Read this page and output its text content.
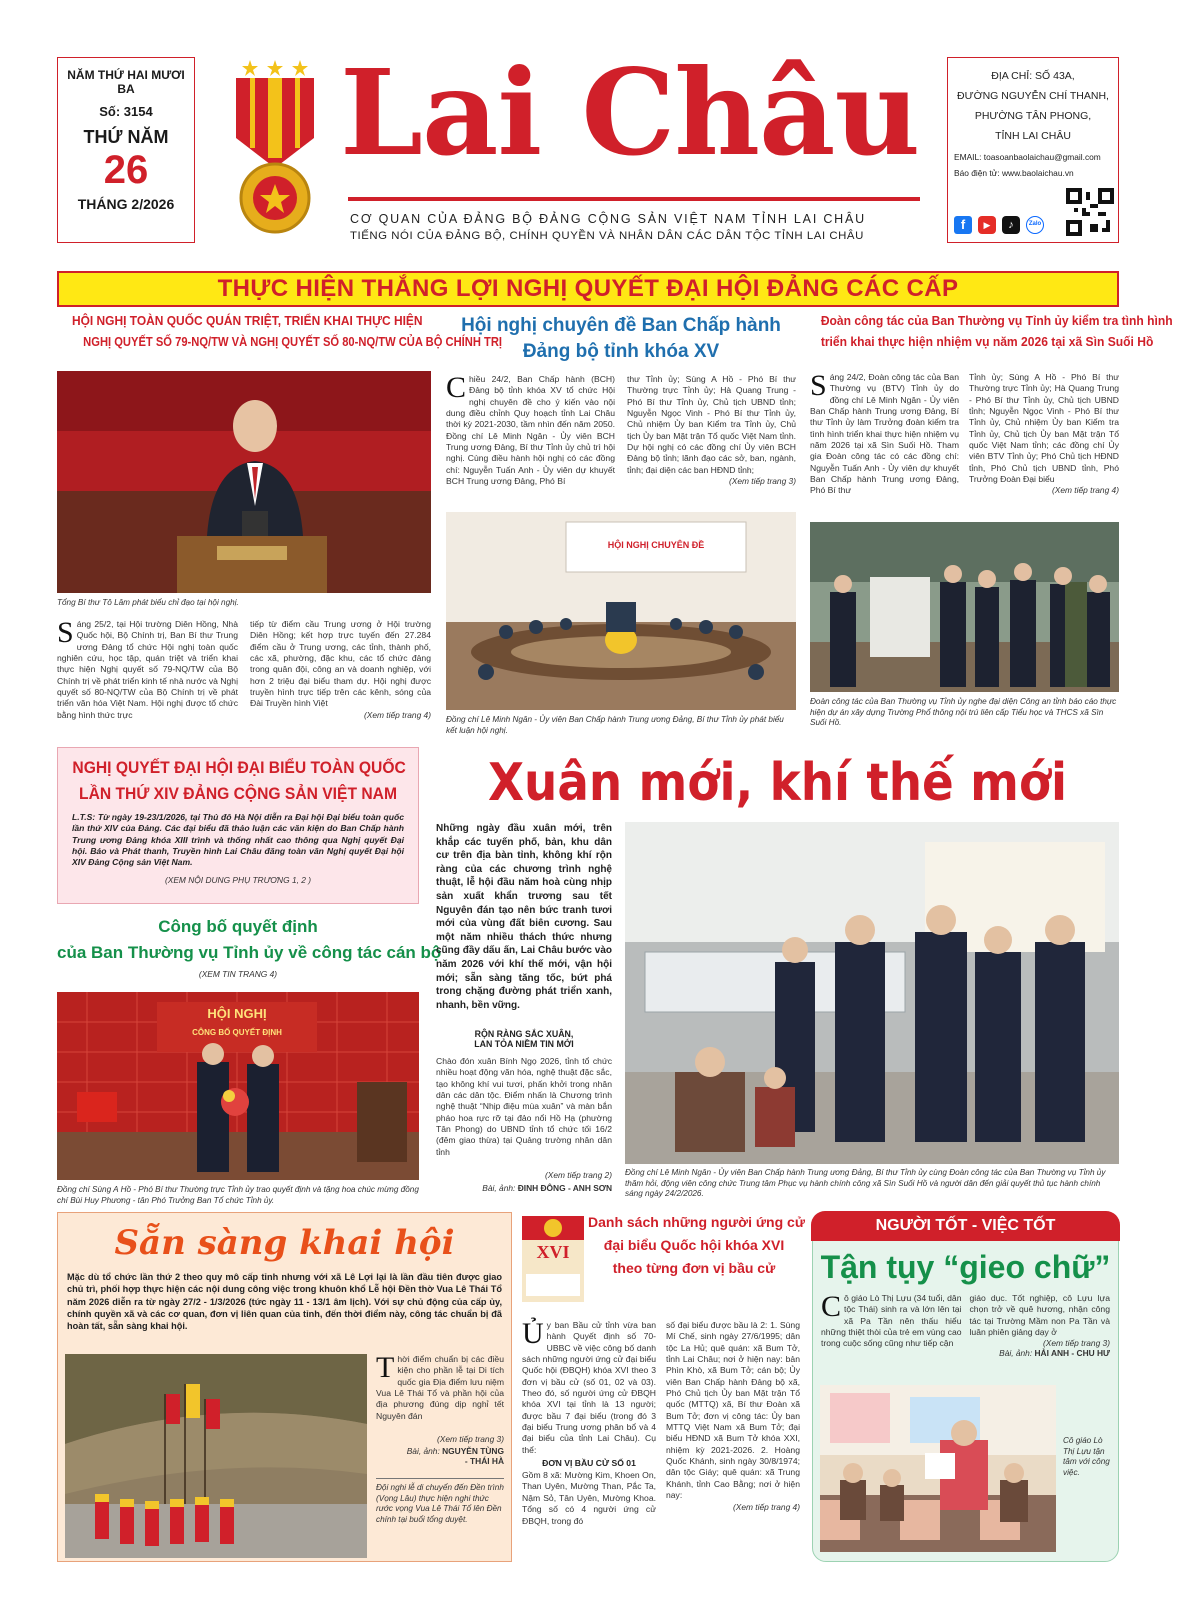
NĂM THỨ HAI MƯƠI BA
Số: 3154
THỨ NĂM
26
THÁNG 2/2026
Lai Châu
CƠ QUAN CỦA ĐẢNG BỘ ĐẢNG CỘNG SẢN VIỆT NAM TỈNH LAI CHÂU
TIẾNG NÓI CỦA ĐẢNG BỘ, CHÍNH QUYỀN VÀ NHÂN DÂN CÁC DÂN TỘC TỈNH LAI CHÂU
ĐỊA CHỈ: SỐ 43A,
ĐƯỜNG NGUYỄN CHÍ THANH,
PHƯỜNG TÂN PHONG,
TỈNH LAI CHÂU
EMAIL: toasoanbaolaichau@gmail.com
Báo điện tử: www.baolaichau.vn
f	▶	♪	Zalo
THỰC HIỆN THẮNG LỢI NGHỊ QUYẾT ĐẠI HỘI ĐẢNG CÁC CẤP
HỘI NGHỊ TOÀN QUỐC QUÁN TRIỆT, TRIỂN KHAI THỰC HIỆN
NGHỊ QUYẾT SỐ 79-NQ/TW VÀ NGHỊ QUYẾT SỐ 80-NQ/TW CỦA BỘ CHÍNH TRỊ
Tổng Bí thư Tô Lâm phát biểu chỉ đạo tại hội nghị.
Sáng 25/2, tại Hội trường Diên Hồng, Nhà Quốc hội, Bộ Chính trị, Ban Bí thư Trung ương Đảng tổ chức Hội nghị toàn quốc nghiên cứu, học tập, quán triệt và triển khai thực hiện Nghị quyết số 79-NQ/TW của Bộ Chính trị về phát triển kinh tế nhà nước và Nghị quyết số 80-NQ/TW của Bộ Chính trị về phát triển văn hóa Việt Nam. Hội nghị được tổ chức bằng hình thức trực
tiếp từ điểm cầu Trung ương ở Hội trường Diên Hồng; kết hợp trực tuyến đến 27.284 điểm cầu ở Trung ương, các tỉnh, thành phố, các xã, phường, đặc khu, các tổ chức đảng trong quân đội, công an và doanh nghiệp, với hơn 2 triệu đại biểu tham dự. Hội nghị được truyền hình trực tiếp trên các kênh, sóng của Đài Truyền hình Việt
(Xem tiếp trang 4)
Hội nghị chuyên đề Ban Chấp hành
Đảng bộ tỉnh khóa XV
Chiều 24/2, Ban Chấp hành (BCH) Đảng bộ tỉnh khóa XV tổ chức Hội nghị chuyên đề cho ý kiến vào nội dung điều chỉnh Quy hoạch tỉnh Lai Châu thời kỳ 2021-2030, tầm nhìn đến năm 2050. Đồng chí Lê Minh Ngân - Ủy viên BCH Trung ương Đảng, Bí thư Tỉnh ủy chủ trì hội nghị. Cùng điều hành hội nghị có các đồng chí: Nguyễn Tuấn Anh - Ủy viên dự khuyết BCH Trung ương Đảng, Phó Bí
thư Tỉnh ủy; Sùng A Hồ - Phó Bí thư Thường trực Tỉnh ủy; Hà Quang Trung - Phó Bí thư Tỉnh ủy, Chủ tịch UBND tỉnh; Nguyễn Ngọc Vinh - Phó Bí thư Tỉnh ủy, Chủ nhiệm Ủy ban Kiểm tra Tỉnh ủy, Chủ tịch Ủy ban Mặt trận Tổ quốc Việt Nam tỉnh. Dự hội nghị có các đồng chí Ủy viên BCH Đảng bộ tỉnh; lãnh đạo các sở, ban, ngành, tỉnh; đại diện các ban HĐND tỉnh;
(Xem tiếp trang 3)
HỘI NGHỊ CHUYÊN ĐỀ
Đồng chí Lê Minh Ngân - Ủy viên Ban Chấp hành Trung ương Đảng, Bí thư Tỉnh ủy phát biểu kết luận hội nghị.
Đoàn công tác của Ban Thường vụ Tỉnh ủy kiểm tra tình hình
triển khai thực hiện nhiệm vụ năm 2026 tại xã Sìn Suối Hồ
Sáng 24/2, Đoàn công tác của Ban Thường vụ (BTV) Tỉnh ủy do đồng chí Lê Minh Ngân - Ủy viên Ban Chấp hành Trung ương Đảng, Bí thư Tỉnh ủy làm Trưởng đoàn kiểm tra tình hình triển khai thực hiện nhiệm vụ năm 2026 tại xã Sìn Suối Hồ. Tham gia Đoàn công tác có các đồng chí: Nguyễn Tuấn Anh - Ủy viên dự khuyết Ban Chấp hành Trung ương Đảng, Phó Bí thư
Tỉnh ủy; Sùng A Hồ - Phó Bí thư Thường trực Tỉnh ủy; Hà Quang Trung - Phó Bí thư Tỉnh ủy, Chủ tịch UBND tỉnh; Nguyễn Ngọc Vinh - Phó Bí thư Tỉnh ủy, Chủ nhiệm Ủy ban Kiểm tra Tỉnh ủy, Chủ tịch Ủy ban Mặt trận Tổ quốc Việt Nam tỉnh; các đồng chí Ủy viên BTV Tỉnh ủy; Phó Chủ tịch HĐND tỉnh, Phó Chủ tịch UBND tỉnh, Phó Trưởng Đoàn Đại biểu
(Xem tiếp trang 4)
Đoàn công tác của Ban Thường vụ Tỉnh ủy nghe đại diện Công an tỉnh báo cáo thực hiện dự án xây dựng Trường Phổ thông nội trú liên cấp Tiểu học và THCS xã Sìn Suối Hồ.
NGHỊ QUYẾT ĐẠI HỘI ĐẠI BIỂU TOÀN QUỐC
LẦN THỨ XIV ĐẢNG CỘNG SẢN VIỆT NAM
L.T.S: Từ ngày 19-23/1/2026, tại Thủ đô Hà Nội diễn ra Đại hội Đại biểu toàn quốc lần thứ XIV của Đảng. Các đại biểu đã thảo luận các văn kiện do Ban Chấp hành Trung ương Đảng khóa XIII trình và thống nhất cao thông qua Nghị quyết Đại hội. Báo và Phát thanh, Truyền hình Lai Châu đăng toàn văn Nghị quyết Đại hội XIV Đảng Cộng sản Việt Nam.
(XEM NỘI DUNG PHỤ TRƯƠNG 1, 2 )
Công bố quyết định
của Ban Thường vụ Tỉnh ủy về công tác cán bộ
(XEM TIN TRANG 4)
HỘI NGHỊ
CÔNG BỐ QUYẾT ĐỊNH
Đồng chí Sùng A Hồ - Phó Bí thư Thường trực Tỉnh ủy trao quyết định và tặng hoa chúc mừng đồng chí Bùi Huy Phương - tân Phó Trưởng Ban Tổ chức Tỉnh ủy.
Xuân mới, khí thế mới
Những ngày đầu xuân mới, trên khắp các tuyến phố, bản, khu dân cư trên địa bàn tỉnh, không khí rộn ràng của các chương trình nghệ thuật, lễ hội đầu năm hoà cùng nhịp sản xuất khẩn trương sau tết Nguyên đán tạo nên bức tranh tươi mới của vùng đất biên cương. Sau một năm nhiều thách thức nhưng cũng đầy dấu ấn, Lai Châu bước vào năm 2026 với khí thế mới, vận hội mới; sẵn sàng tăng tốc, bứt phá trong chặng đường phát triển xanh, nhanh, bền vững.
RỘN RÀNG SẮC XUÂN,
LAN TỎA NIỀM TIN MỚI
Chào đón xuân Bính Ngọ 2026, tỉnh tổ chức nhiều hoạt động văn hóa, nghệ thuật đặc sắc, tạo không khí vui tươi, phấn khởi trong nhân dân các dân tộc. Điểm nhấn là Chương trình nghệ thuật “Nhịp điệu mùa xuân” và màn bắn pháo hoa rực rỡ tại đảo nổi Hồ Hạ (phường Tân Phong) do UBND tỉnh tổ chức tối 16/2 (đêm giao thừa) tại Quảng trường nhân dân tỉnh
(Xem tiếp trang 2)
Bài, ảnh: ĐINH ĐÔNG - ANH SƠN
Đồng chí Lê Minh Ngân - Ủy viên Ban Chấp hành Trung ương Đảng, Bí thư Tỉnh ủy cùng Đoàn công tác của Ban Thường vụ Tỉnh ủy thăm hỏi, động viên công chức Trung tâm Phục vụ hành chính công xã Sìn Suối Hồ và người dân đến giải quyết thủ tục hành chính sáng ngày 24/2/2026.
Sẵn sàng khai hội
Mặc dù tổ chức lần thứ 2 theo quy mô cấp tỉnh nhưng với xã Lê Lợi lại là lần đầu tiên được giao chủ trì, phối hợp thực hiện các nội dung công việc trong khuôn khổ Lễ hội Đền thờ Vua Lê Thái Tổ năm 2026 diễn ra từ ngày 27/2 - 1/3/2026 (tức ngày 11 - 13/1 âm lịch). Với sự chủ động của cấp ủy, chính quyền xã và các cơ quan, đơn vị liên quan của tỉnh, đến thời điểm này, công tác chuẩn bị đã hoàn tất, sẵn sàng khai hội.
Thời điểm chuẩn bị các điều kiện cho phần lễ tại Di tích quốc gia Địa điểm lưu niệm Vua Lê Thái Tổ và phần hội của địa phương đúng dịp nghỉ tết Nguyên đán
(Xem tiếp trang 3)
Bài, ảnh: NGUYỄN TÙNG
- THÁI HÀ
Đội nghi lễ di chuyển đến Đền trình (Vọng Lâu) thực hiện nghi thức rước vọng Vua Lê Thái Tổ lên Đền chính tại buổi tổng duyệt.
XVI
Danh sách những người ứng cử
đại biểu Quốc hội khóa XVI
theo từng đơn vị bầu cử
Ủy ban Bầu cử tỉnh vừa ban hành Quyết định số 70-UBBC về việc công bố danh sách những người ứng cử đại biểu Quốc hội (ĐBQH) khóa XVI theo 3 đơn vị bầu cử (số 01, 02 và 03). Theo đó, số người ứng cử ĐBQH khóa XVI tại tỉnh là 13 người; được bầu 7 đại biểu (trong đó 3 đại biểu Trung ương phân bổ và 4 đại biểu của tỉnh Lai Châu). Cụ thể:
ĐƠN VỊ BẦU CỬ SỐ 01
Gồm 8 xã: Mường Kim, Khoen On, Than Uyên, Mường Than, Pắc Ta, Nậm Sỏ, Tân Uyên, Mường Khoa. Tổng số có 4 người ứng cử ĐBQH, trong đó
số đại biểu được bầu là 2: 1. Sùng Mí Chế, sinh ngày 27/6/1995; dân tộc La Hủ; quê quán: xã Bum Tở, tỉnh Lai Châu; nơi ở hiện nay: bản Phìn Khò, xã Bum Tở; cán bộ; Ủy viên Ban Chấp hành Đảng bộ xã, Phó Chủ tịch Ủy ban Mặt trận Tổ quốc (MTTQ) xã, Bí thư Đoàn xã Bum Tở; đơn vị công tác: Ủy ban MTTQ Việt Nam xã Bum Tở; đại biểu HĐND xã Bum Tở khóa XXI, nhiệm kỳ 2021-2026. 2. Hoàng Quốc Khánh, sinh ngày 30/8/1974; dân tộc Giáy; quê quán: xã Trung Khánh, tỉnh Cao Bằng; nơi ở hiện nay:
(Xem tiếp trang 4)
NGƯỜI TỐT - VIỆC TỐT
Tận tụy “gieo chữ”
Cô giáo Lò Thị Lựu (34 tuổi, dân tộc Thái) sinh ra và lớn lên tại xã Pa Tần nên thấu hiểu những thiệt thòi của trẻ em vùng cao trong cuộc sống cũng như tiếp cận
giáo dục. Tốt nghiệp, cô Lựu lựa chọn trở về quê hương, nhận công tác tại Trường Mầm non Pa Tần và luân phiên giảng dạy ở
(Xem tiếp trang 3)
Bài, ảnh: HẢI ANH - CHU HƯ
Cô giáo Lò Thị Lựu tận tâm với công việc.
